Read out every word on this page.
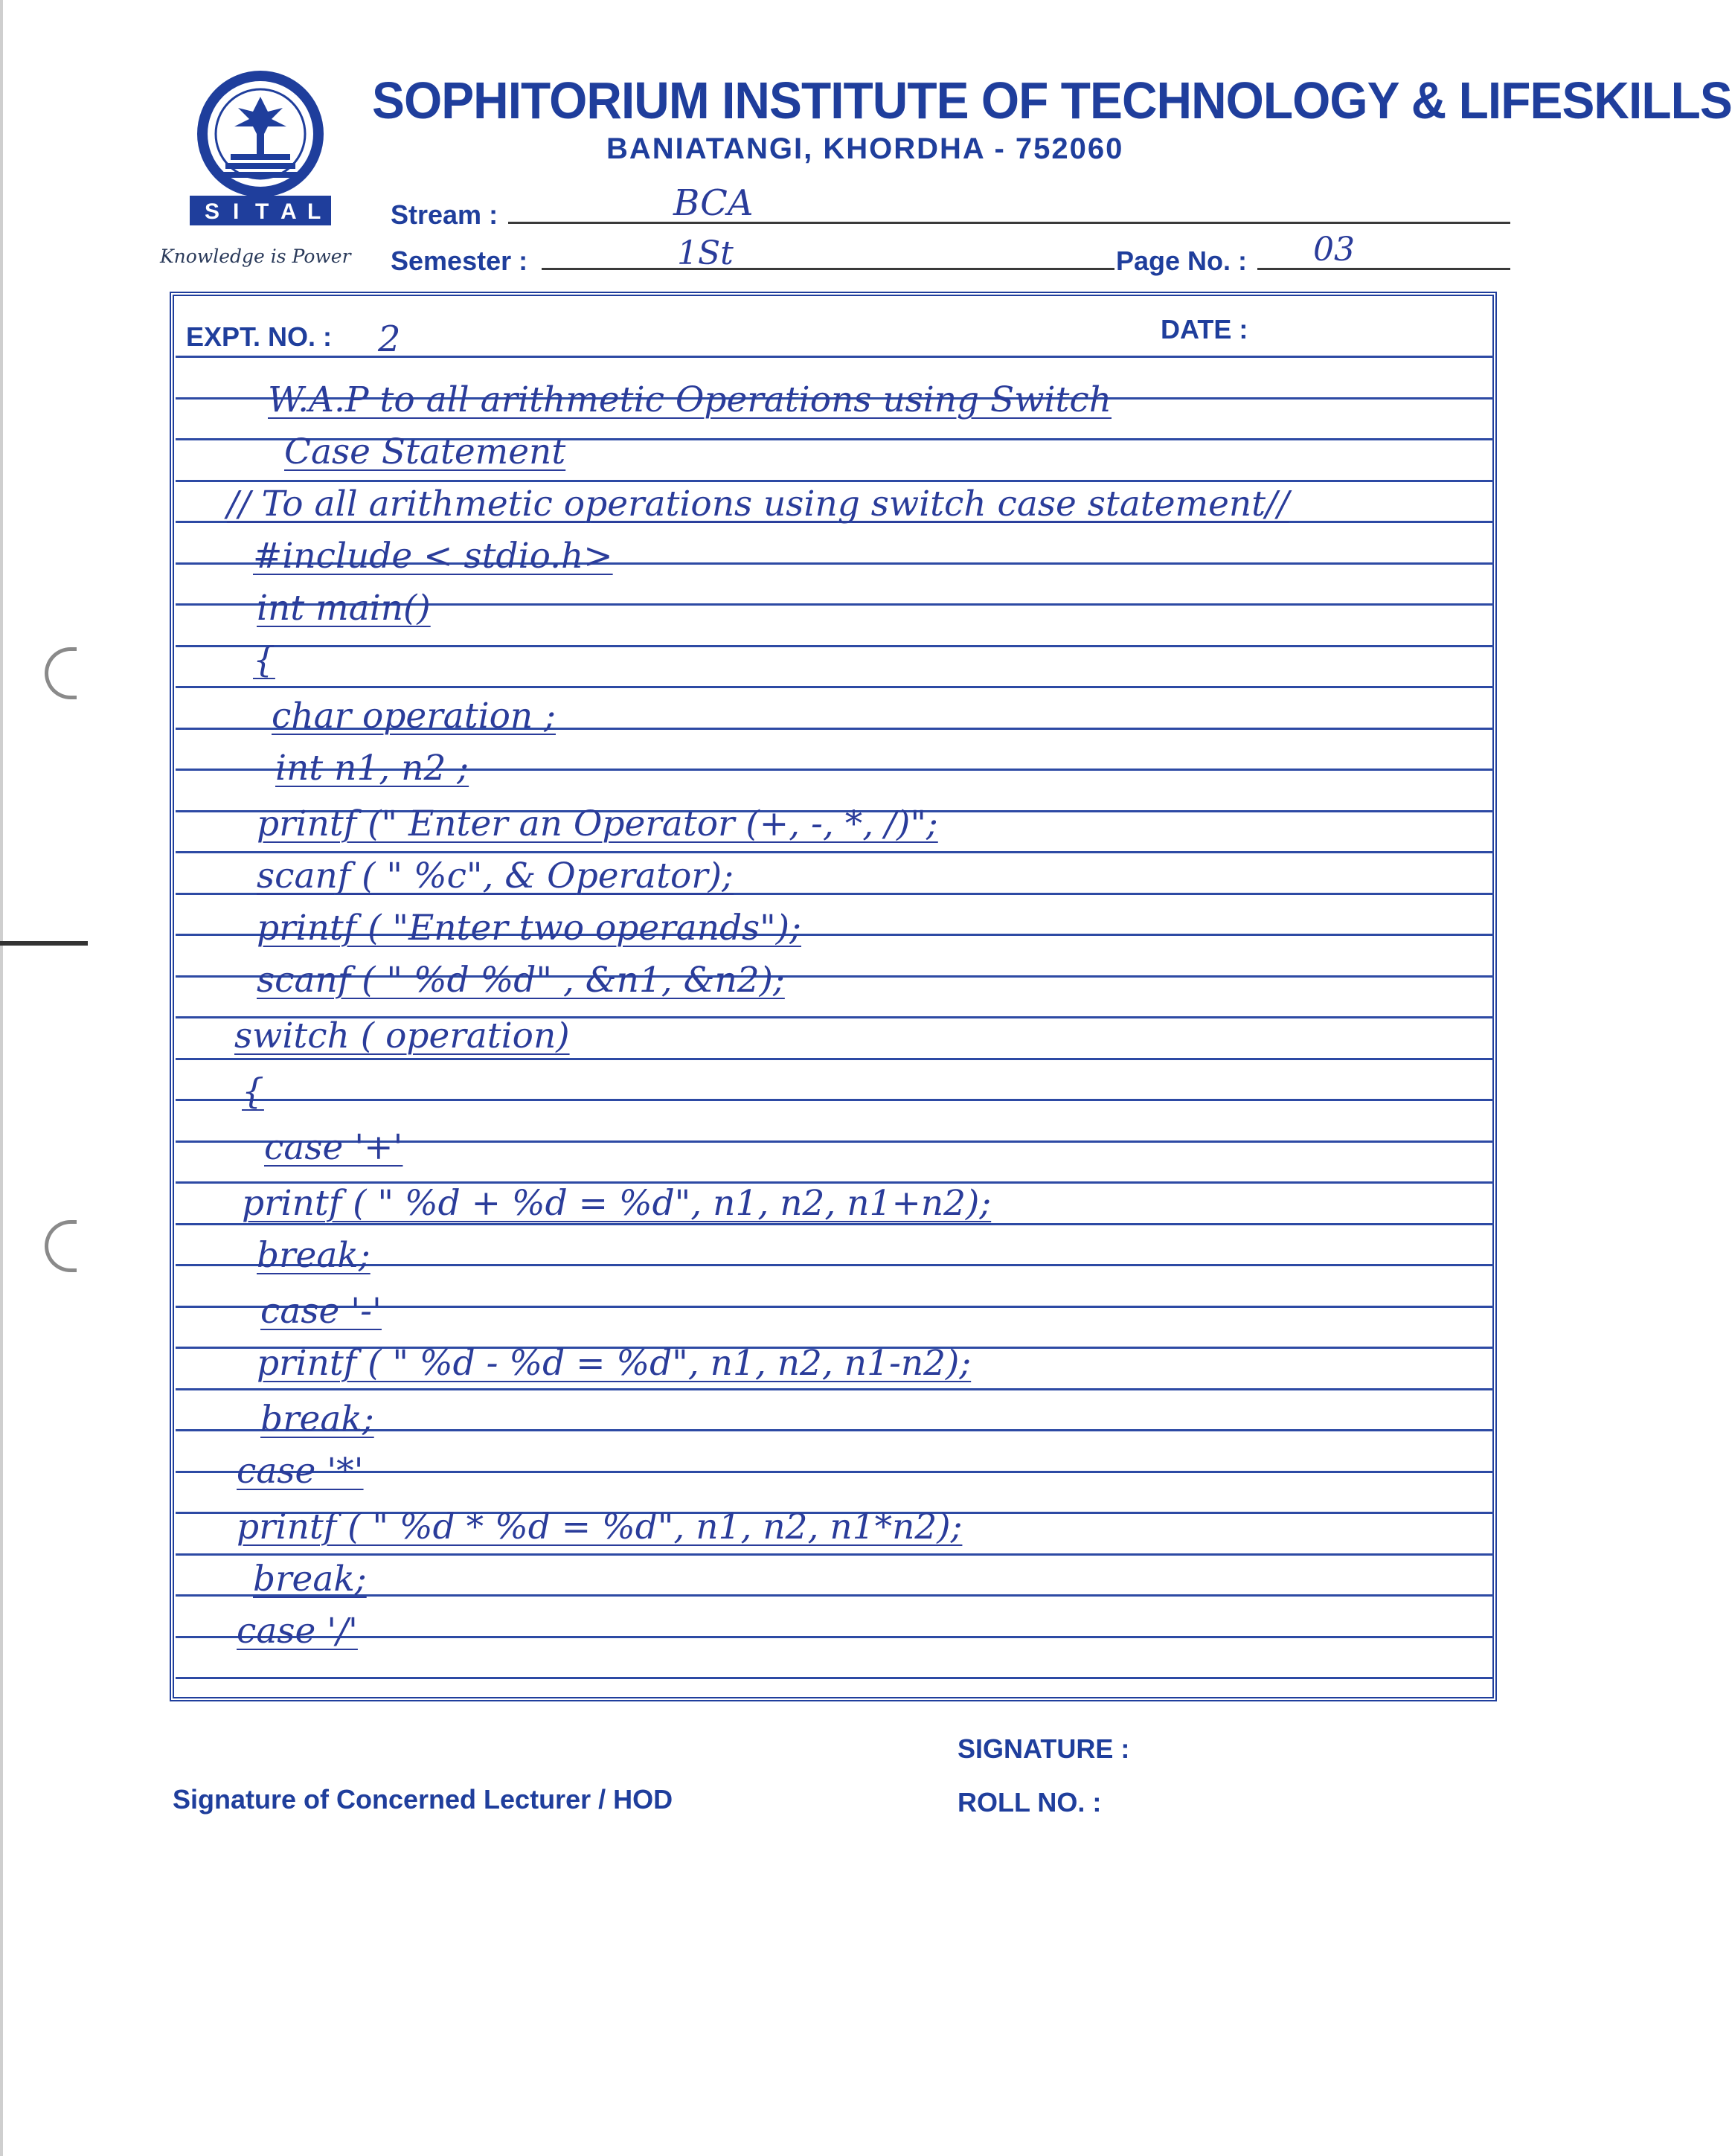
S I T A L
Knowledge is Power
SOPHITORIUM INSTITUTE OF TECHNOLOGY & LIFESKILLS
BANIATANGI, KHORDHA - 752060
Stream :	BCA
Semester :	1St	Page No. : 03
EXPT. NO. : 2	DATE :
W.A.P to all arithmetic Operations using Switch
Case Statement
// To all arithmetic operations using switch case statement//
#include < stdio.h>
int main()
{
char operation ;
int n1, n2 ;
printf (" Enter an Operator (+, -, *, /)";
scanf ( " %c", & Operator);
printf ( "Enter two operands");
scanf ( " %d %d" , &n1, &n2);
switch ( operation)
{
case '+'
printf ( " %d + %d = %d", n1, n2, n1+n2);
break;
case '-'
printf ( " %d - %d = %d", n1, n2, n1-n2);
break;
case '*'
printf ( " %d * %d = %d", n1, n2, n1*n2);
break;
case '/'
SIGNATURE :
ROLL NO. :
Signature of Concerned Lecturer / HOD
